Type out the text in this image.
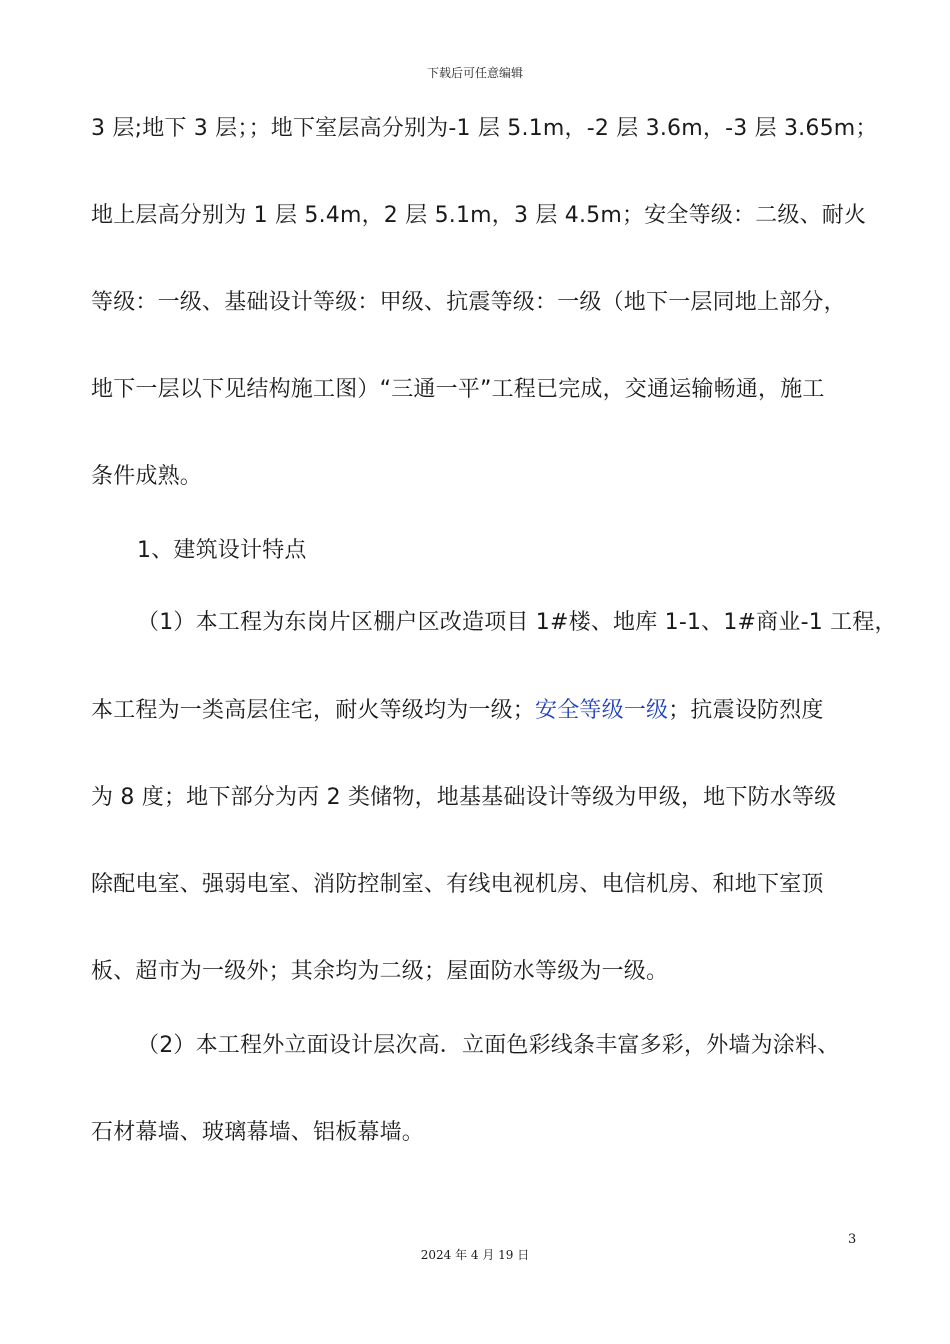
下载后可任意编辑
3 层;地下 3 层；；地下室层高分别为-1 层 5.1m，-2 层 3.6m，-3 层 3.65m；
地上层高分别为 1 层 5.4m，2 层 5.1m，3 层 4.5m；安全等级：二级、耐火
等级：一级、基础设计等级：甲级、抗震等级：一级（地下一层同地上部分，
地下一层以下见结构施工图）“三通一平”工程已完成，交通运输畅通，施工
条件成熟。
1、建筑设计特点
（1）本工程为东岗片区棚户区改造项目 1#楼、地库 1-1、1#商业-1 工程，
本工程为一类高层住宅，耐火等级均为一级；安全等级一级；抗震设防烈度
为 8 度；地下部分为丙 2 类储物，地基基础设计等级为甲级，地下防水等级
除配电室、强弱电室、消防控制室、有线电视机房、电信机房、和地下室顶
板、超市为一级外；其余均为二级；屋面防水等级为一级。
（2）本工程外立面设计层次高．立面色彩线条丰富多彩，外墙为涂料、
石材幕墙、玻璃幕墙、铝板幕墙。
3
2024 年 4 月 19 日
